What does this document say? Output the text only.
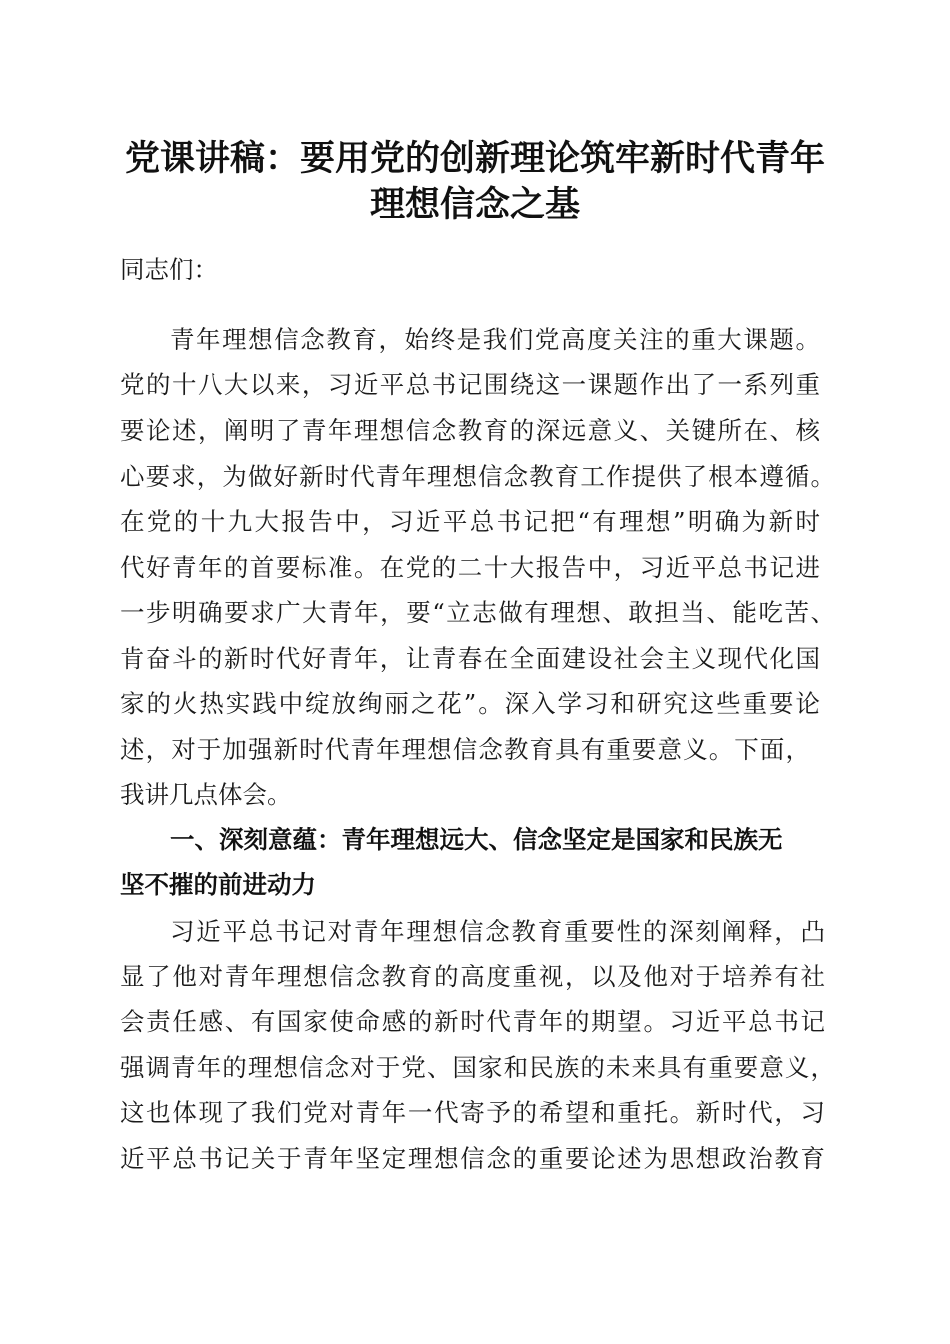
党课讲稿：要用党的创新理论筑牢新时代青年
理想信念之基
同志们：
青年理想信念教育，始终是我们党高度关注的重大课题。
党的十八大以来，习近平总书记围绕这一课题作出了一系列重
要论述，阐明了青年理想信念教育的深远意义、关键所在、核
心要求，为做好新时代青年理想信念教育工作提供了根本遵循。
在党的十九大报告中，习近平总书记把“有理想”明确为新时
代好青年的首要标准。在党的二十大报告中，习近平总书记进
一步明确要求广大青年，要“立志做有理想、敢担当、能吃苦、
肯奋斗的新时代好青年，让青春在全面建设社会主义现代化国
家的火热实践中绽放绚丽之花”。深入学习和研究这些重要论
述，对于加强新时代青年理想信念教育具有重要意义。下面，
我讲几点体会。
一、深刻意蕴：青年理想远大、信念坚定是国家和民族无
坚不摧的前进动力
习近平总书记对青年理想信念教育重要性的深刻阐释，凸
显了他对青年理想信念教育的高度重视，以及他对于培养有社
会责任感、有国家使命感的新时代青年的期望。习近平总书记
强调青年的理想信念对于党、国家和民族的未来具有重要意义，
这也体现了我们党对青年一代寄予的希望和重托。新时代，习
近平总书记关于青年坚定理想信念的重要论述为思想政治教育
